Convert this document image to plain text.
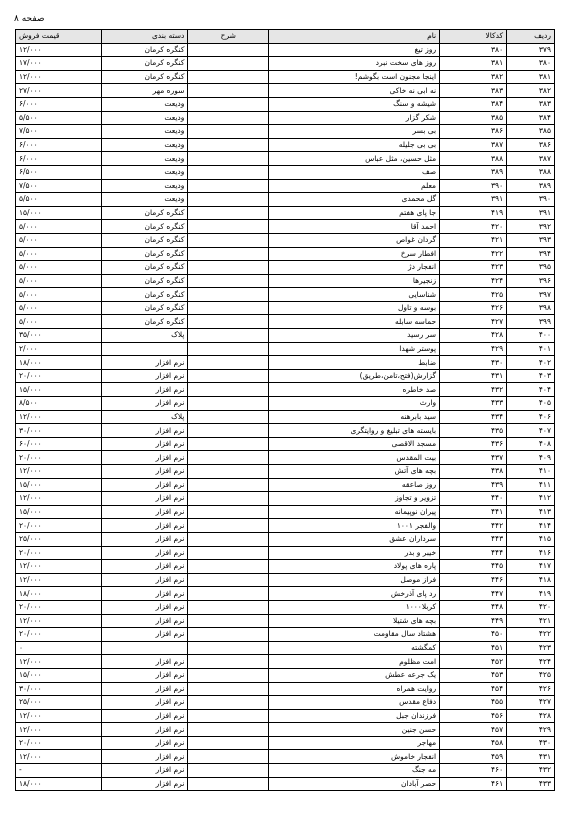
صفحه ۸
ردیف	کدکالا	نام	شرح	دسته بندی	قیمت فروش
۳۷۹	۳۸۰	روز تیغ		کنگره کرمان	۱۲/۰۰۰
۳۸۰	۳۸۱	روز های سخت نبرد		کنگره کرمان	۱۷/۰۰۰
۳۸۱	۳۸۲	اینجا مجنون است بگوشم!		کنگره کرمان	۱۲/۰۰۰
۳۸۲	۳۸۳	نه ابی نه خاکی		سوره مهر	۲۷/۰۰۰
۳۸۳	۳۸۴	شیشه و سنگ		ودیعت	۶/۰۰۰
۳۸۴	۳۸۵	شکر گزار		ودیعت	۵/۵۰۰
۳۸۵	۳۸۶	بی بسر		ودیعت	۷/۵۰۰
۳۸۶	۳۸۷	بی بی جلیله		ودیعت	۶/۰۰۰
۳۸۷	۳۸۸	مثل حسین، مثل عباس		ودیعت	۶/۰۰۰
۳۸۸	۳۸۹	صف		ودیعت	۶/۵۰۰
۳۸۹	۳۹۰	معلم		ودیعت	۷/۵۰۰
۳۹۰	۳۹۱	گل محمدی		ودیعت	۵/۵۰۰
۳۹۱	۴۱۹	جا پای هفتم		کنگره کرمان	۱۵/۰۰۰
۳۹۲	۴۲۰	احمد آقا		کنگره کرمان	۵/۰۰۰
۳۹۳	۴۲۱	گردان غواص		کنگره کرمان	۵/۰۰۰
۳۹۴	۴۲۲	افطار سرخ		کنگره کرمان	۵/۰۰۰
۳۹۵	۴۲۳	انفجار دژ		کنگره کرمان	۵/۰۰۰
۳۹۶	۴۲۴	زنجیرها		کنگره کرمان	۵/۰۰۰
۳۹۷	۴۲۵	شناسایی		کنگره کرمان	۵/۰۰۰
۳۹۸	۴۲۶	بوسه و تاول		کنگره کرمان	۵/۰۰۰
۳۹۹	۴۲۷	حماسه سابله		کنگره کرمان	۵/۰۰۰
۴۰۰	۴۲۸	سر رسید		پلاک	۳۵/۰۰۰
۴۰۱	۴۲۹	پوستر شهدا			۲/۰۰۰
۴۰۲	۴۳۰	ضابط		نرم افزار	۱۸/۰۰۰
۴۰۳	۴۳۱	گزارش(فتح،تامن،طریق)		نرم افزار	۲۰/۰۰۰
۴۰۴	۴۳۲	صد خاطره		نرم افزار	۱۵/۰۰۰
۴۰۵	۴۳۳	وارث		نرم افزار	۸/۵۰۰
۴۰۶	۴۳۴	سید بابرهنه		پلاک	۱۲/۰۰۰
۴۰۷	۴۳۵	بایسته های تبلیغ و روایتگری		نرم افزار	۳۰/۰۰۰
۴۰۸	۴۳۶	مسجد الاقصی		نرم افزار	۶۰/۰۰۰
۴۰۹	۴۳۷	بیت المقدس		نرم افزار	۲۰/۰۰۰
۴۱۰	۴۳۸	بچه های آتش		نرم افزار	۱۲/۰۰۰
۴۱۱	۴۳۹	روز صاعقه		نرم افزار	۱۵/۰۰۰
۴۱۲	۴۴۰	تزویر و تجاوز		نرم افزار	۱۲/۰۰۰
۴۱۳	۴۴۱	پیران نوپیمانه		نرم افزار	۱۵/۰۰۰
۴۱۴	۴۴۲	والفجر ۱۰۰۱		نرم افزار	۲۰/۰۰۰
۴۱۵	۴۴۳	سرداران عشق		نرم افزار	۲۵/۰۰۰
۴۱۶	۴۴۴	خیبر و بدر		نرم افزار	۲۰/۰۰۰
۴۱۷	۴۴۵	پاره های پولاد		نرم افزار	۱۲/۰۰۰
۴۱۸	۴۴۶	فراز موصل		نرم افزار	۱۲/۰۰۰
۴۱۹	۴۴۷	رد پای آذرخش		نرم افزار	۱۸/۰۰۰
۴۲۰	۴۴۸	کربلا۱۰۰۰		نرم افزار	۲۰/۰۰۰
۴۲۱	۴۴۹	بچه های شتیلا		نرم افزار	۱۲/۰۰۰
۴۲۲	۴۵۰	هشتاد سال مقاومت		نرم افزار	۲۰/۰۰۰
۴۲۳	۴۵۱	کمگشته			۰
۴۲۴	۴۵۲	امت مظلوم		نرم افزار	۱۲/۰۰۰
۴۲۵	۴۵۳	یک جرعه عطش		نرم افزار	۱۵/۰۰۰
۴۲۶	۴۵۴	روایت همراه		نرم افزار	۳۰/۰۰۰
۴۲۷	۴۵۵	دفاع مقدس		نرم افزار	۲۵/۰۰۰
۴۲۸	۴۵۶	فرزندان جبل		نرم افزار	۱۲/۰۰۰
۴۲۹	۴۵۷	حسن جنین		نرم افزار	۱۲/۰۰۰
۴۳۰	۴۵۸	مهاجر		نرم افزار	۲۰/۰۰۰
۴۳۱	۴۵۹	انفجار خاموش		نرم افزار	۱۲/۰۰۰
۴۳۲	۴۶۰	مه جنگ		نرم افزار	-
۴۳۳	۴۶۱	حصر آبادان		نرم افزار	۱۸/۰۰۰
